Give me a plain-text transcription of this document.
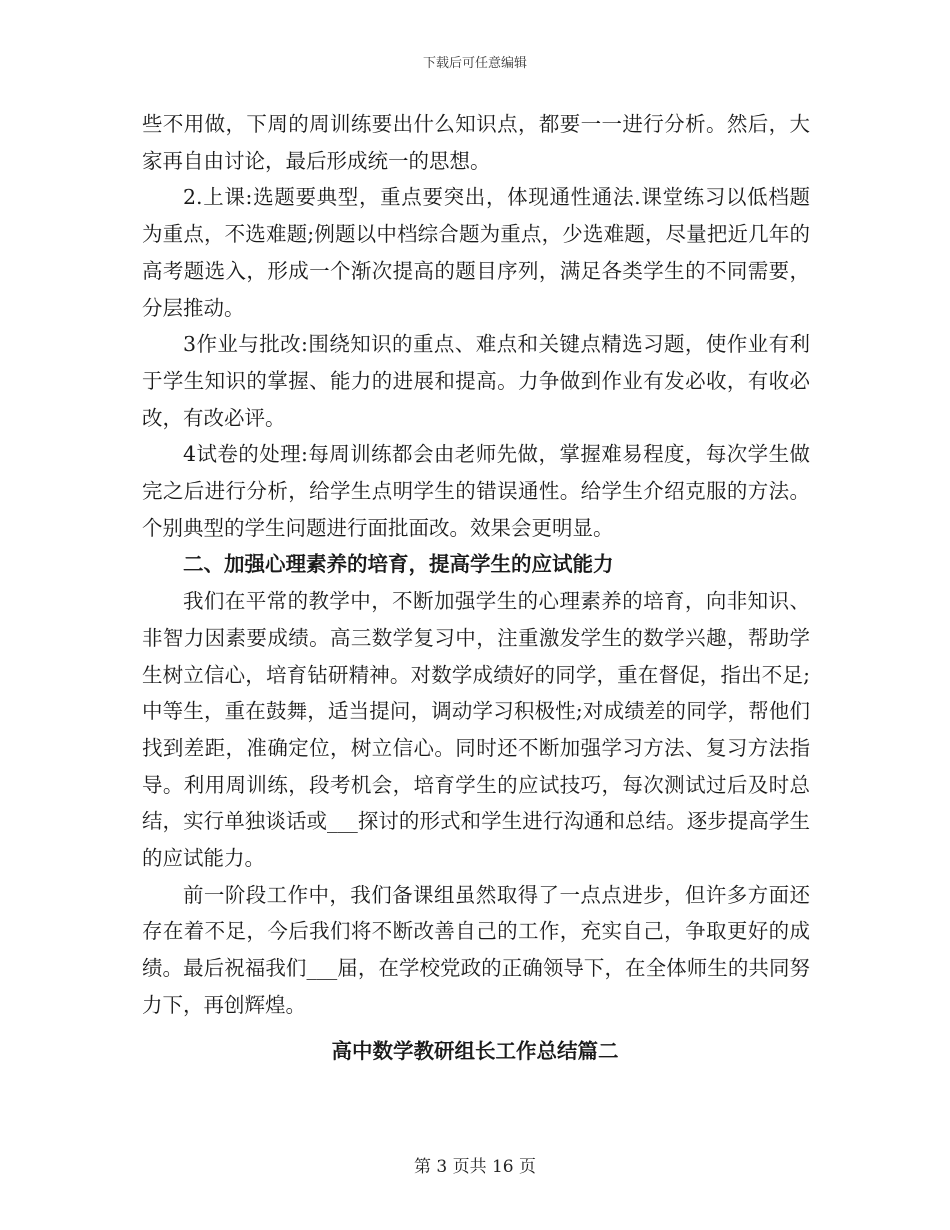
下载后可任意编辑

些不用做，下周的周训练要出什么知识点，都要一一进行分析。然后，大家再自由讨论，最后形成统一的思想。

2.上课:选题要典型，重点要突出，体现通性通法.课堂练习以低档题为重点，不选难题;例题以中档综合题为重点，少选难题，尽量把近几年的高考题选入，形成一个渐次提高的题目序列，满足各类学生的不同需要，分层推动。

3作业与批改:围绕知识的重点、难点和关键点精选习题，使作业有利于学生知识的掌握、能力的进展和提高。力争做到作业有发必收，有收必改，有改必评。

4试卷的处理:每周训练都会由老师先做，掌握难易程度，每次学生做完之后进行分析，给学生点明学生的错误通性。给学生介绍克服的方法。个别典型的学生问题进行面批面改。效果会更明显。

二、加强心理素养的培育，提高学生的应试能力

我们在平常的教学中，不断加强学生的心理素养的培育，向非知识、非智力因素要成绩。高三数学复习中，注重激发学生的数学兴趣，帮助学生树立信心，培育钻研精神。对数学成绩好的同学，重在督促，指出不足;中等生，重在鼓舞，适当提问，调动学习积极性;对成绩差的同学，帮他们找到差距，准确定位，树立信心。同时还不断加强学习方法、复习方法指导。利用周训练，段考机会，培育学生的应试技巧，每次测试过后及时总结，实行单独谈话或___探讨的形式和学生进行沟通和总结。逐步提高学生的应试能力。

前一阶段工作中，我们备课组虽然取得了一点点进步，但许多方面还存在着不足，今后我们将不断改善自己的工作，充实自己，争取更好的成绩。最后祝福我们___届，在学校党政的正确领导下，在全体师生的共同努力下，再创辉煌。

高中数学教研组长工作总结篇二
第 3 页共 16 页
